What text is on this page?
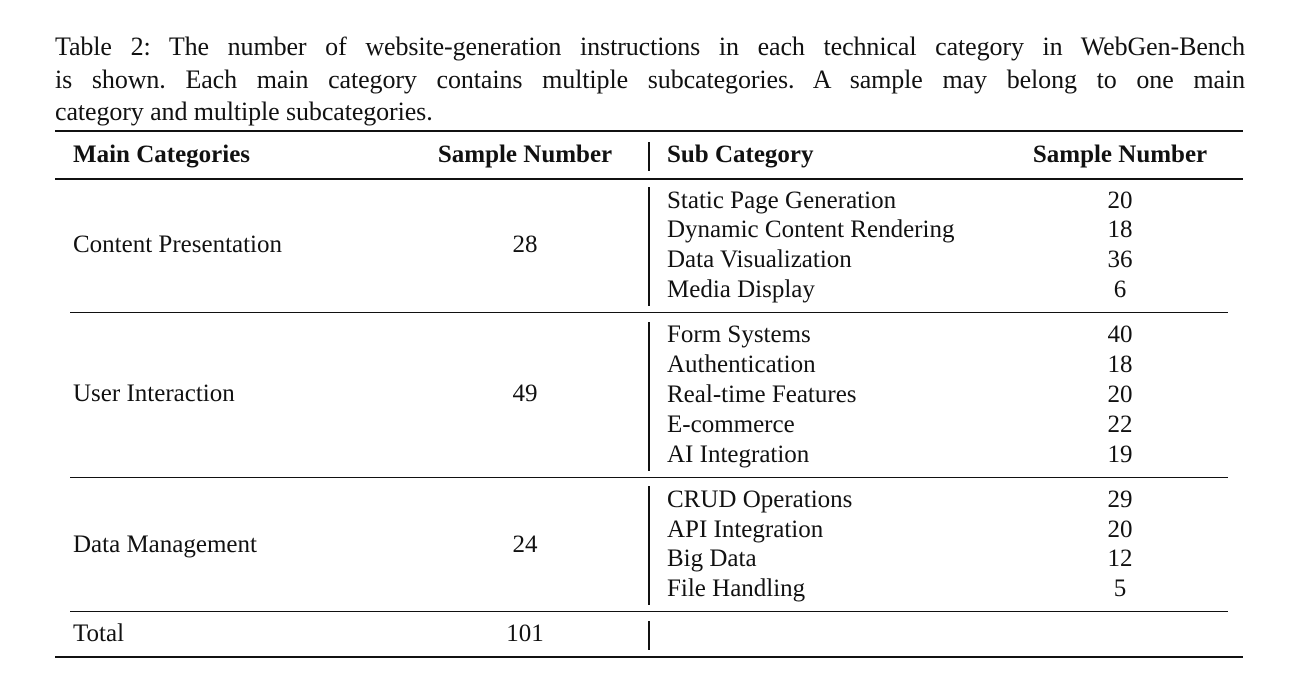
Table 2: The number of website-generation instructions in each technical category in WebGen-Bench
is shown. Each main category contains multiple subcategories. A sample may belong to one main
category and multiple subcategories.
Main Categories	Sample Number	Sub Category	Sample Number
Content Presentation	28
Static Page Generation	20
Dynamic Content Rendering	18
Data Visualization	36
Media Display	6
User Interaction	49
Form Systems	40
Authentication	18
Real-time Features	20
E-commerce	22
AI Integration	19
Data Management	24
CRUD Operations	29
API Integration	20
Big Data	12
File Handling	5
Total	101
